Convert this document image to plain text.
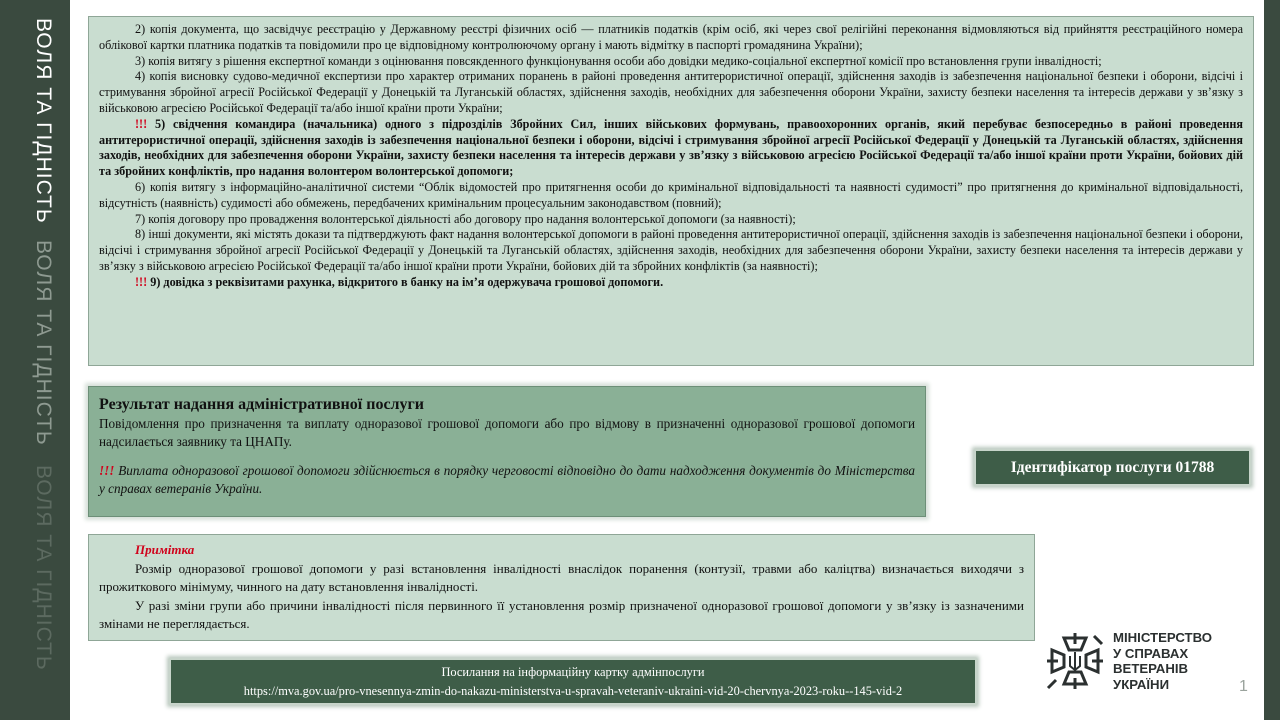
ВОЛЯ ТА ГІДНІСТЬ
ВОЛЯ ТА ГІДНІСТЬ
ВОЛЯ ТА ГІДНІСТЬ

2) копія документа, що засвідчує реєстрацію у Державному реєстрі фізичних осіб — платників податків (крім осіб, які через свої релігійні переконання відмовляються від прийняття реєстраційного номера облікової картки платника податків та повідомили про це відповідному контролюючому органу і мають відмітку в паспорті громадянина України);

3) копія витягу з рішення експертної команди з оцінювання повсякденного функціонування особи або довідки медико-соціальної експертної комісії про встановлення групи інвалідності;

4) копія висновку судово-медичної експертизи про характер отриманих поранень в районі проведення антитерористичної операції, здійснення заходів із забезпечення національної безпеки і оборони, відсічі і стримування збройної агресії Російської Федерації у Донецькій та Луганській областях, здійснення заходів, необхідних для забезпечення оборони України, захисту безпеки населення та інтересів держави у зв’язку з військовою агресією Російської Федерації та/або іншої країни проти України;

!!! 5) свідчення командира (начальника) одного з підрозділів Збройних Сил, інших військових формувань, правоохоронних органів, який перебуває безпосередньо в районі проведення антитерористичної операції, здійснення заходів із забезпечення національної безпеки і оборони, відсічі і стримування збройної агресії Російської Федерації у Донецькій та Луганській областях, здійснення заходів, необхідних для забезпечення оборони України, захисту безпеки населення та інтересів держави у зв’язку з військовою агресією Російської Федерації та/або іншої країни проти України, бойових дій та збройних конфліктів, про надання волонтером волонтерської допомоги;

6) копія витягу з інформаційно-аналітичної системи “Облік відомостей про притягнення особи до кримінальної відповідальності та наявності судимості” про притягнення до кримінальної відповідальності, відсутність (наявність) судимості або обмежень, передбачених кримінальним процесуальним законодавством (повний);

7) копія договору про провадження волонтерської діяльності або договору про надання волонтерської допомоги (за наявності);

8) інші документи, які містять докази та підтверджують факт надання волонтерської допомоги в районі проведення антитерористичної операції, здійснення заходів із забезпечення національної безпеки і оборони, відсічі і стримування збройної агресії Російської Федерації у Донецькій та Луганській областях, здійснення заходів, необхідних для забезпечення оборони України, захисту безпеки населення та інтересів держави у зв’язку з військовою агресією Російської Федерації та/або іншої країни проти України, бойових дій та збройних конфліктів (за наявності);

!!! 9) довідка з реквізитами рахунка, відкритого в банку на ім’я одержувача грошової допомоги.

Результат надання адміністративної послуги
Повідомлення про призначення та виплату одноразової грошової допомоги або про відмову в призначенні одноразової грошової допомоги надсилається заявнику та ЦНАПу.
!!! Виплата одноразової грошової допомоги здійснюється в порядку черговості відповідно до дати надходження документів до Міністерства у справах ветеранів України.
Ідентифікатор послуги 01788

Примітка

Розмір одноразової грошової допомоги у разі встановлення інвалідності внаслідок поранення (контузії, травми або каліцтва) визначається виходячи з прожиткового мінімуму, чинного на дату встановлення інвалідності.

У разі зміни групи або причини інвалідності після первинного її установлення розмір призначеної одноразової грошової допомоги у зв’язку із зазначеними змінами не переглядається.

Посилання на інформаційну картку адмінпослуги
https://mva.gov.ua/pro-vnesennya-zmin-do-nakazu-ministerstva-u-spravah-veteraniv-ukraini-vid-20-chervnya-2023-roku--145-vid-2
МІНІСТЕРСТВО
У СПРАВАХ
ВЕТЕРАНІВ
УКРАЇНИ	1
